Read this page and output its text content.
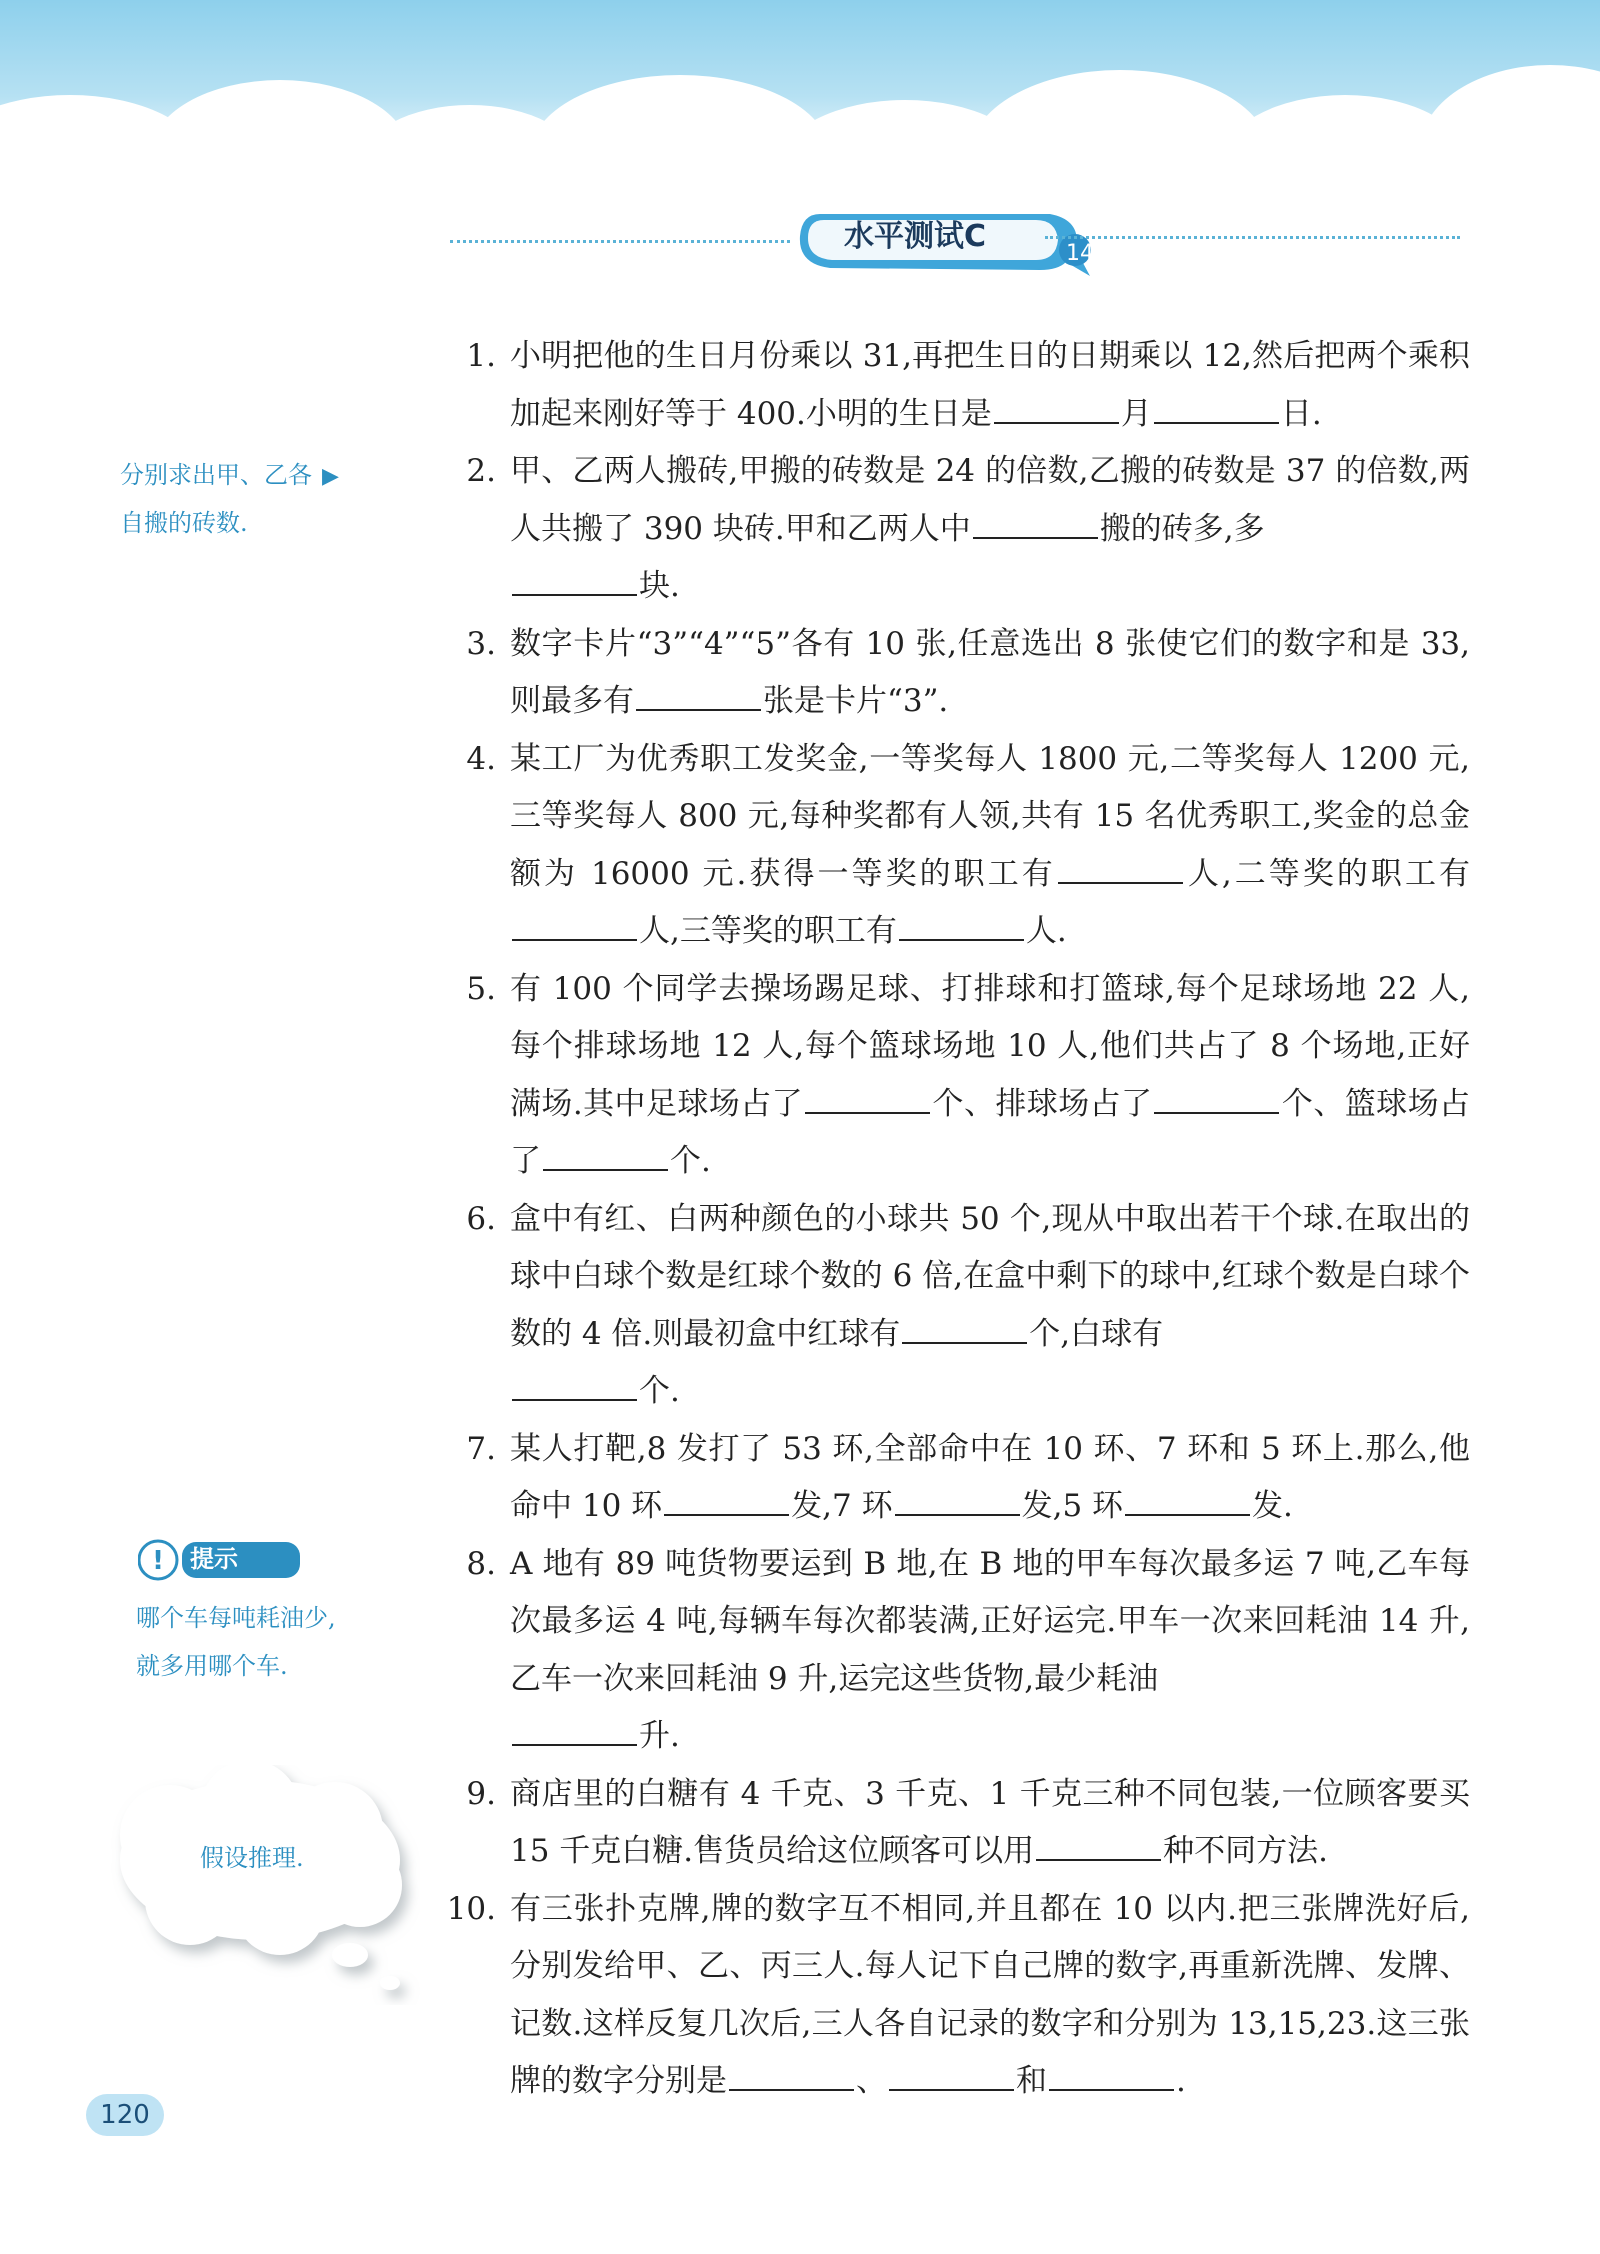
水平测试C	14
分别求出甲、乙各 ▶
自搬的砖数.
! 提示
哪个车每吨耗油少,
就多用哪个车.
假设推理.
1. 小明把他的生日月份乘以 31,再把生日的日期乘以 12,然后把两个乘积加起来刚好等于 400.小明的生日是	月	日.
2. 甲、乙两人搬砖,甲搬的砖数是 24 的倍数,乙搬的砖数是 37 的倍数,两人共搬了 390 块砖.甲和乙两人中	搬的砖多,多
块.
3. 数字卡片“3”“4”“5”各有 10 张,任意选出 8 张使它们的数字和是 33,则最多有	张是卡片“3”.
4. 某工厂为优秀职工发奖金,一等奖每人 1800 元,二等奖每人 1200 元,三等奖每人 800 元,每种奖都有人领,共有 15 名优秀职工,奖金的总金额为 16000 元.获得一等奖的职工有	人,二等奖的职工有人,三等奖的职工有	人.
5. 有 100 个同学去操场踢足球、打排球和打篮球,每个足球场地 22 人,每个排球场地 12 人,每个篮球场地 10 人,他们共占了 8 个场地,正好满场.其中足球场占了	个、排球场占了	个、篮球场占了	个.
6. 盒中有红、白两种颜色的小球共 50 个,现从中取出若干个球.在取出的球中白球个数是红球个数的 6 倍,在盒中剩下的球中,红球个数是白球个数的 4 倍.则最初盒中红球有	个,白球有
个.
7. 某人打靶,8 发打了 53 环,全部命中在 10 环、7 环和 5 环上.那么,他命中 10 环	发,7 环	发,5 环	发.
8. A 地有 89 吨货物要运到 B 地,在 B 地的甲车每次最多运 7 吨,乙车每次最多运 4 吨,每辆车每次都装满,正好运完.甲车一次来回耗油 14 升,乙车一次来回耗油 9 升,运完这些货物,最少耗油
升.
9. 商店里的白糖有 4 千克、3 千克、1 千克三种不同包装,一位顾客要买 15 千克白糖.售货员给这位顾客可以用	种不同方法.
10. 有三张扑克牌,牌的数字互不相同,并且都在 10 以内.把三张牌洗好后,分别发给甲、乙、丙三人.每人记下自己牌的数字,再重新洗牌、发牌、记数.这样反复几次后,三人各自记录的数字和分别为 13,15,23.这三张牌的数字分别是	、	和	.
120
